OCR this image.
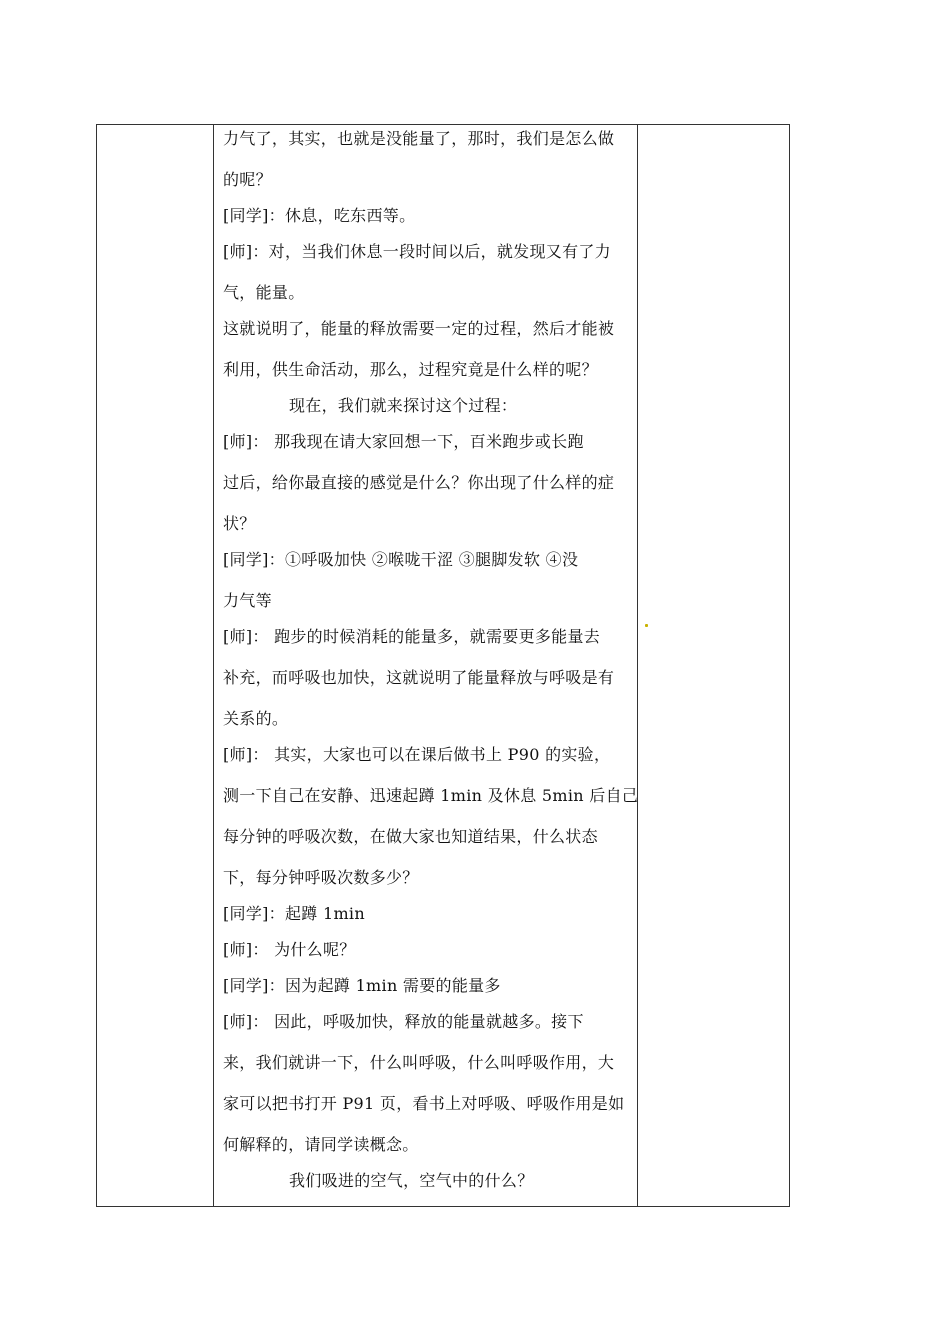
力气了，其实，也就是没能量了，那时，我们是怎么做
的呢？
[同学]：休息，吃东西等。
[师]：对，当我们休息一段时间以后，就发现又有了力
气，能量。
这就说明了，能量的释放需要一定的过程，然后才能被
利用，供生命活动，那么，过程究竟是什么样的呢？
现在，我们就来探讨这个过程：
[师]： 那我现在请大家回想一下，百米跑步或长跑
过后，给你最直接的感觉是什么？你出现了什么样的症
状？
[同学]：①呼吸加快 ②喉咙干涩 ③腿脚发软 ④没
力气等
[师]： 跑步的时候消耗的能量多，就需要更多能量去
补充，而呼吸也加快，这就说明了能量释放与呼吸是有
关系的。
[师]： 其实，大家也可以在课后做书上 P90 的实验，
测一下自己在安静、迅速起蹲 1min 及休息 5min 后自己
每分钟的呼吸次数，在做大家也知道结果，什么状态
下，每分钟呼吸次数多少？
[同学]：起蹲 1min
[师]： 为什么呢？
[同学]：因为起蹲 1min 需要的能量多
[师]： 因此，呼吸加快，释放的能量就越多。接下
来，我们就讲一下，什么叫呼吸，什么叫呼吸作用，大
家可以把书打开 P91 页，看书上对呼吸、呼吸作用是如
何解释的，请同学读概念。
我们吸进的空气，空气中的什么？
